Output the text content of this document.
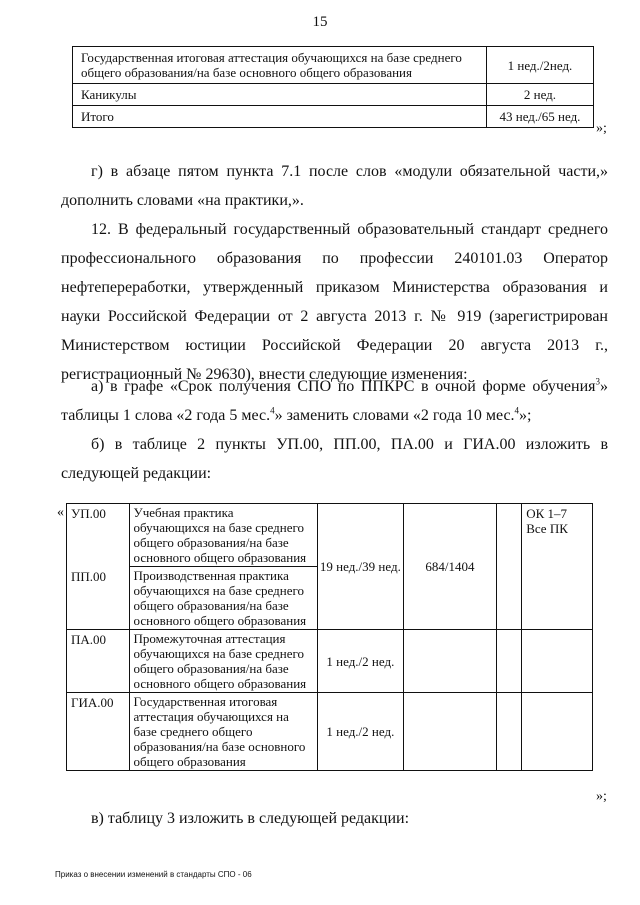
15
Государственная итоговая аттестация обучающихся на базе среднего общего образования/на базе основного общего образования	1 нед./2нед.
Каникулы	2 нед.
Итого	43 нед./65 нед.
»;
г) в абзаце пятом пункта 7.1 после слов «модули обязательной части,» дополнить словами «на практики,».
12. В федеральный государственный образовательный стандарт среднего профессионального образования по профессии 240101.03 Оператор нефтепереработки, утвержденный приказом Министерства образования и науки Российской Федерации от 2 августа 2013 г. № 919 (зарегистрирован Министерством юстиции Российской Федерации 20 августа 2013 г., регистрационный № 29630), внести следующие изменения:
а) в графе «Срок получения СПО по ППКРС в очной форме обучения$^3$» таблицы 1 слова «2 года 5 мес.$^4$» заменить словами «2 года 10 мес.$^4$»;
б) в таблице 2 пункты УП.00, ПП.00, ПА.00 и ГИА.00 изложить в следующей редакции:
« УП.00	Учебная практика обучающихся на базе среднего общего образования/на базе основного общего образования	19 нед./39 нед.	684/1404		ОК 1–7
Все ПК

ПП.00	Производственная практика обучающихся на базе среднего общего образования/на базе основного общего образования				
ПА.00	Промежуточная аттестация обучающихся на базе среднего общего образования/на базе основного общего образования	1 нед./2 нед.			
ГИА.00	Государственная итоговая аттестация обучающихся на базе среднего общего образования/на базе основного общего образования	1 нед./2 нед.			
»;
в) таблицу 3 изложить в следующей редакции:
Приказ о внесении изменений в стандарты СПО - 06
